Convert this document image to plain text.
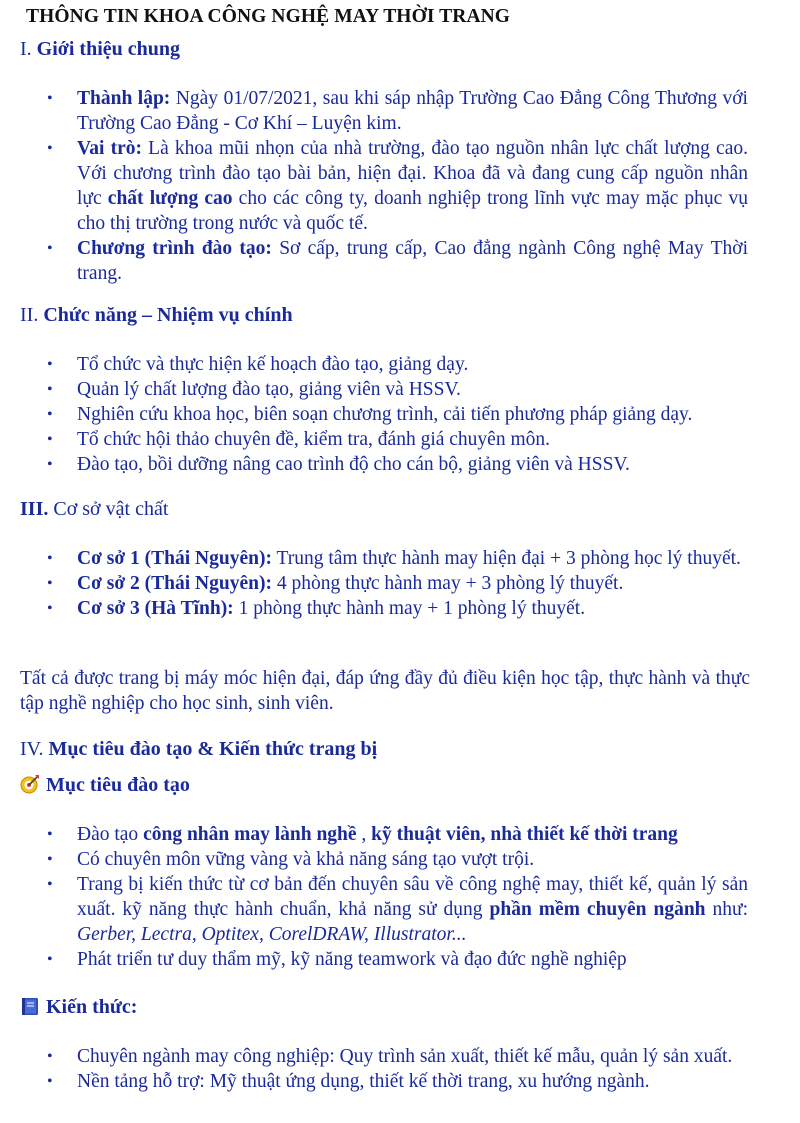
THÔNG TIN KHOA CÔNG NGHỆ MAY THỜI TRANG
I. Giới thiệu chung
• Thành lập: Ngày 01/07/2021, sau khi sáp nhập Trường Cao Đẳng Công Thương với Trường Cao Đẳng - Cơ Khí – Luyện kim.
• Vai trò: Là khoa mũi nhọn của nhà trường, đào tạo nguồn nhân lực chất lượng cao. Với chương trình đào tạo bài bản, hiện đại. Khoa đã và đang cung cấp nguồn nhân lực chất lượng cao cho các công ty, doanh nghiệp trong lĩnh vực may mặc phục vụ cho thị trường trong nước và quốc tế.
• Chương trình đào tạo: Sơ cấp, trung cấp, Cao đẳng ngành Công nghệ May Thời trang.
II. Chức năng – Nhiệm vụ chính
• Tổ chức và thực hiện kế hoạch đào tạo, giảng dạy.
• Quản lý chất lượng đào tạo, giảng viên và HSSV.
• Nghiên cứu khoa học, biên soạn chương trình, cải tiến phương pháp giảng dạy.
• Tổ chức hội thảo chuyên đề, kiểm tra, đánh giá chuyên môn.
• Đào tạo, bồi dưỡng nâng cao trình độ cho cán bộ, giảng viên và HSSV.
III. Cơ sở vật chất
• Cơ sở 1 (Thái Nguyên): Trung tâm thực hành may hiện đại + 3 phòng học lý thuyết.
• Cơ sở 2 (Thái Nguyên): 4 phòng thực hành may + 3 phòng lý thuyết.
• Cơ sở 3 (Hà Tĩnh): 1 phòng thực hành may + 1 phòng lý thuyết.
Tất cả được trang bị máy móc hiện đại, đáp ứng đầy đủ điều kiện học tập, thực hành và thực tập nghề nghiệp cho học sinh, sinh viên.
IV. Mục tiêu đào tạo & Kiến thức trang bị
Mục tiêu đào tạo
• Đào tạo công nhân may lành nghề , kỹ thuật viên, nhà thiết kế thời trang
• Có chuyên môn vững vàng và khả năng sáng tạo vượt trội.
• Trang bị kiến thức từ cơ bản đến chuyên sâu về công nghệ may, thiết kế, quản lý sản xuất. kỹ năng thực hành chuẩn, khả năng sử dụng phần mềm chuyên ngành như: Gerber, Lectra, Optitex, CorelDRAW, Illustrator...
• Phát triển tư duy thẩm mỹ, kỹ năng teamwork và đạo đức nghề nghiệp
Kiến thức:
• Chuyên ngành may công nghiệp: Quy trình sản xuất, thiết kế mẫu, quản lý sản xuất.
• Nền tảng hỗ trợ: Mỹ thuật ứng dụng, thiết kế thời trang, xu hướng ngành.
